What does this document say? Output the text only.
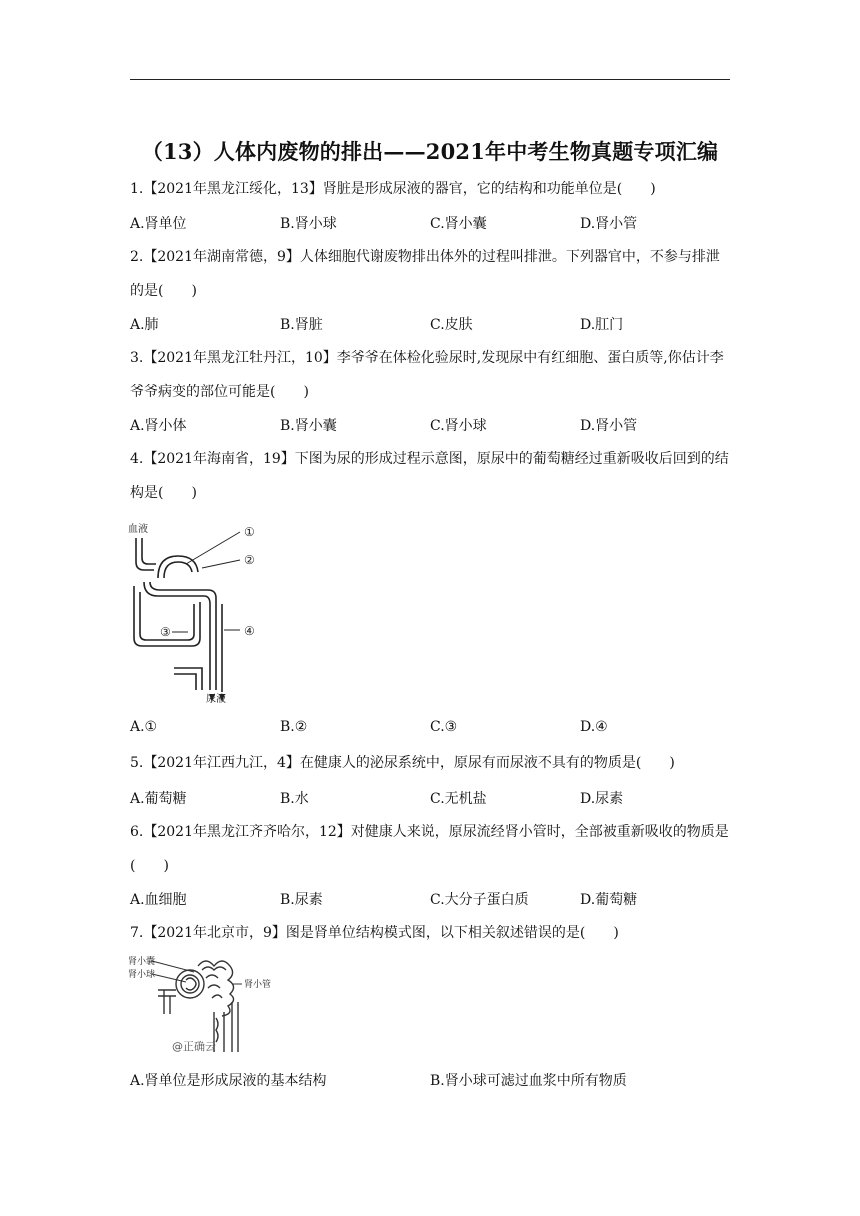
（13）人体内废物的排出——2021年中考生物真题专项汇编
1.【2021年黑龙江绥化，13】肾脏是形成尿液的器官，它的结构和功能单位是(　　)
A.肾单位	B.肾小球	C.肾小囊	D.肾小管
2.【2021年湖南常德，9】人体细胞代谢废物排出体外的过程叫排泄。下列器官中，不参与排泄的是(　　)
A.肺	B.肾脏	C.皮肤	D.肛门
3.【2021年黑龙江牡丹江，10】李爷爷在体检化验尿时,发现尿中有红细胞、蛋白质等,你估计李爷爷病变的部位可能是(　　)
A.肾小体	B.肾小囊	C.肾小球	D.肾小管
4.【2021年海南省，19】下图为尿的形成过程示意图，原尿中的葡萄糖经过重新吸收后回到的结构是(　　)
血液
尿液
①
②
③	④
A.①	B.②	C.③	D.④
5.【2021年江西九江，4】在健康人的泌尿系统中，原尿有而尿液不具有的物质是(　　)
A.葡萄糖	B.水	C.无机盐	D.尿素
6.【2021年黑龙江齐齐哈尔，12】对健康人来说，原尿流经肾小管时，全部被重新吸收的物质是(　　)
A.血细胞	B.尿素	C.大分子蛋白质	D.葡萄糖
7.【2021年北京市，9】图是肾单位结构模式图，以下相关叙述错误的是(　　)
肾小囊
肾小球
肾小管
@正确云
A.肾单位是形成尿液的基本结构	B.肾小球可滤过血浆中所有物质
